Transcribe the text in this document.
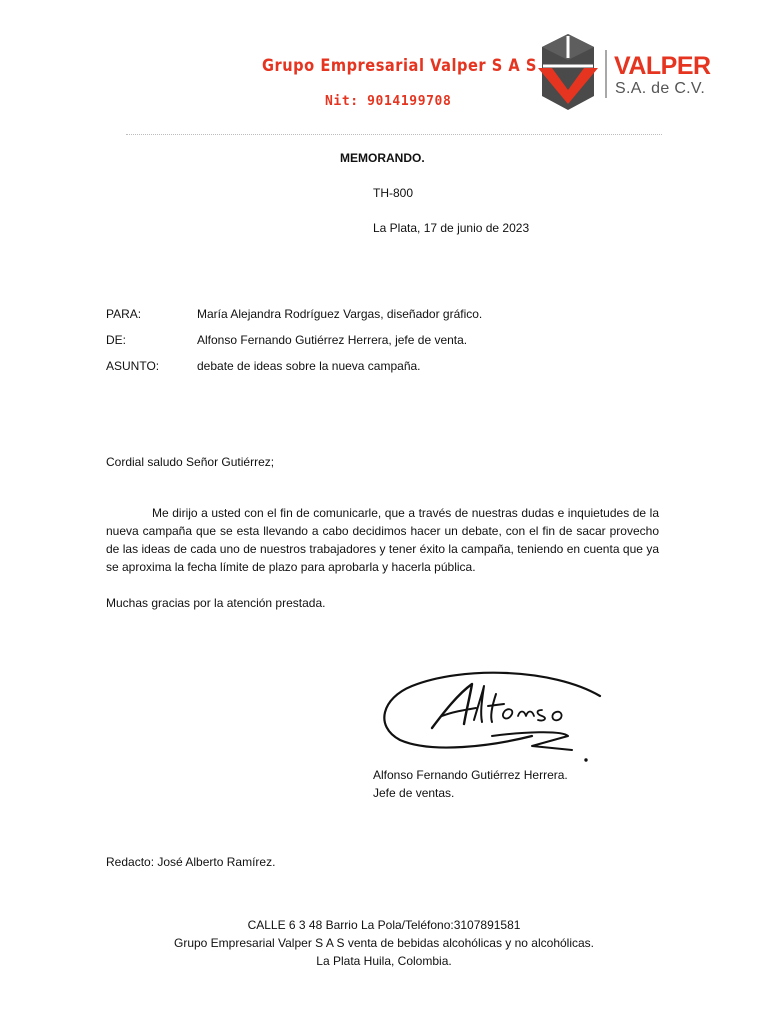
Grupo Empresarial Valper S A S
Nit: 9014199708
VALPER
S.A. de C.V.
MEMORANDO.
TH-800
La Plata, 17 de junio de 2023
PARA:	María Alejandra Rodríguez Vargas, diseñador gráfico.
DE:	Alfonso Fernando Gutiérrez Herrera, jefe de venta.
ASUNTO:	debate de ideas sobre la nueva campaña.
Cordial saludo Señor Gutiérrez;
Me dirijo a usted con el fin de comunicarle, que a través de nuestras dudas e inquietudes de la nueva campaña que se esta llevando a cabo decidimos hacer un debate, con el fin de sacar provecho de las ideas de cada uno de nuestros trabajadores y tener éxito la campaña, teniendo en cuenta que ya se aproxima la fecha límite de plazo para aprobarla y hacerla pública.
Muchas gracias por la atención prestada.
Alfonso Fernando Gutiérrez Herrera.
Jefe de ventas.
Redacto: José Alberto Ramírez.
CALLE 6 3 48 Barrio La Pola/Teléfono:3107891581
Grupo Empresarial Valper S A S venta de bebidas alcohólicas y no alcohólicas.
La Plata Huila, Colombia.
